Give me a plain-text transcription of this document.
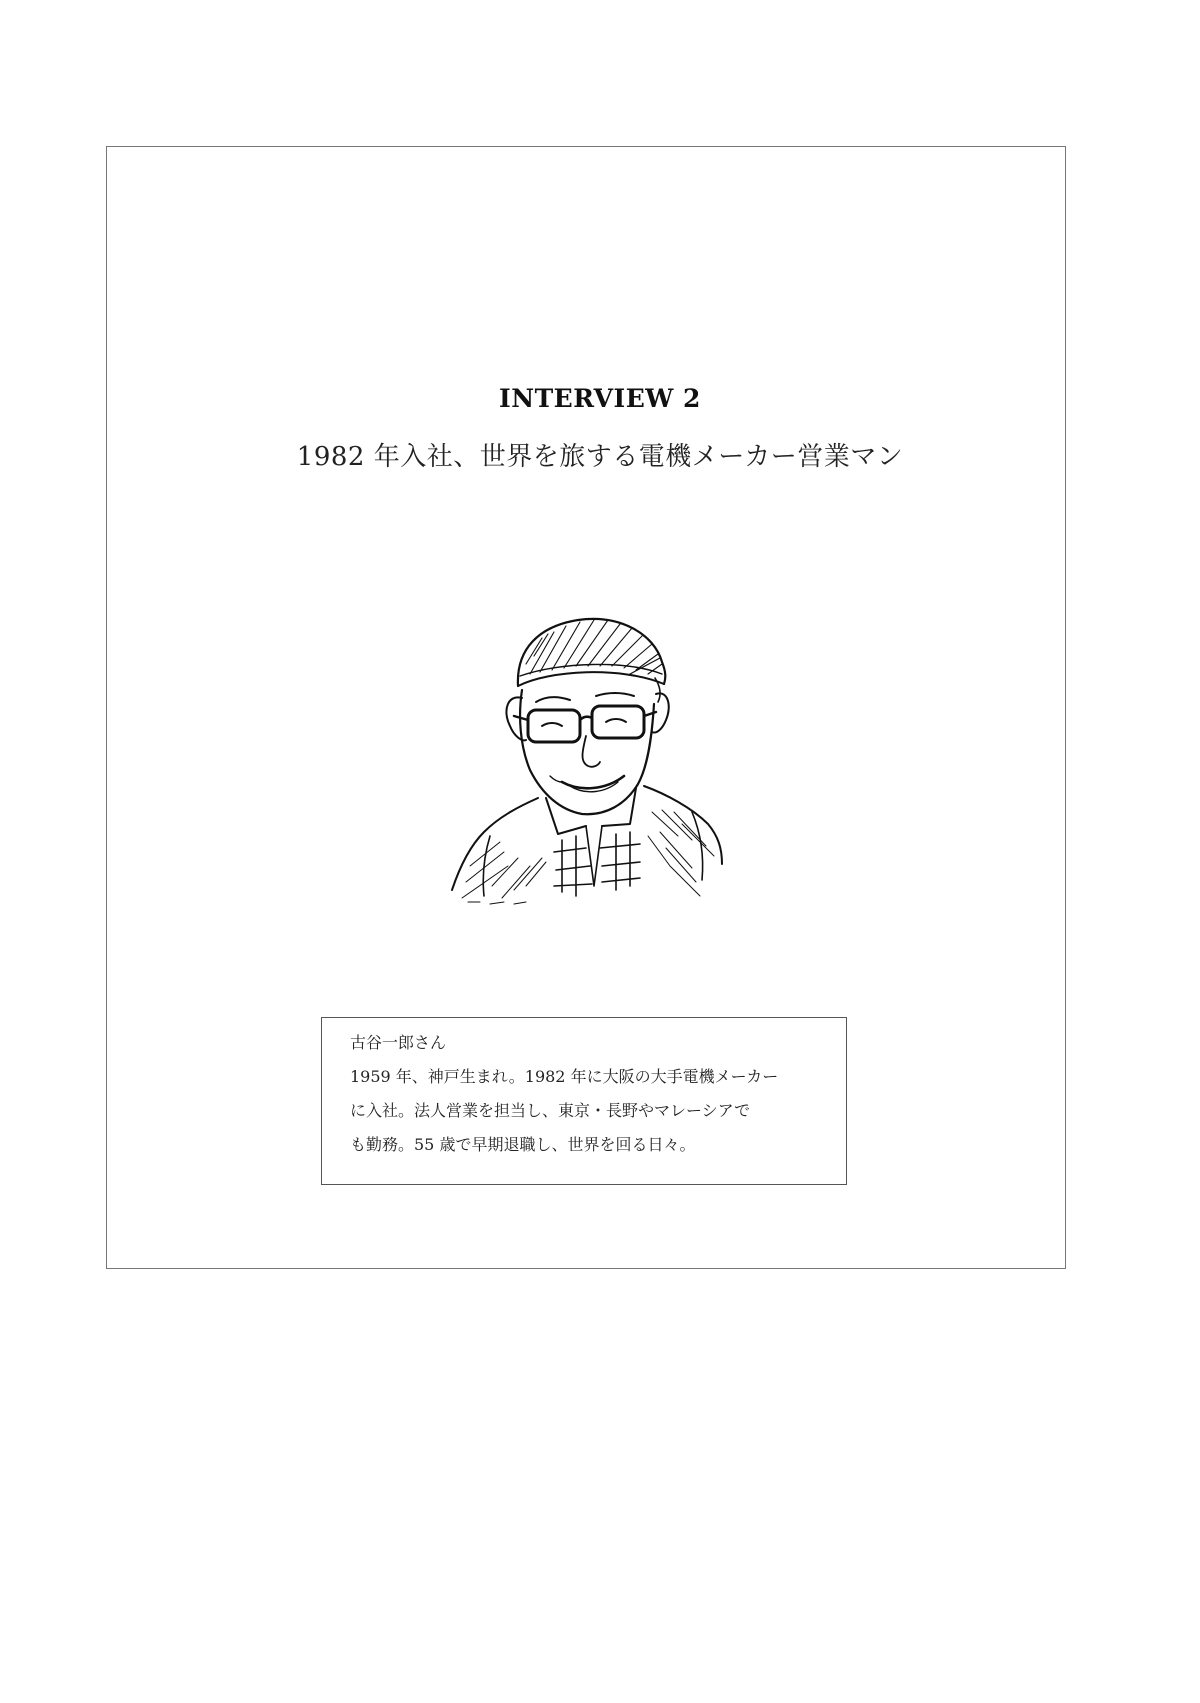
INTERVIEW 2
1982 年入社、世界を旅する電機メーカー営業マン
古谷一郎さん
1959 年、神戸生まれ。1982 年に大阪の大手電機メーカー
に入社。法人営業を担当し、東京・長野やマレーシアで
も勤務。55 歳で早期退職し、世界を回る日々。
